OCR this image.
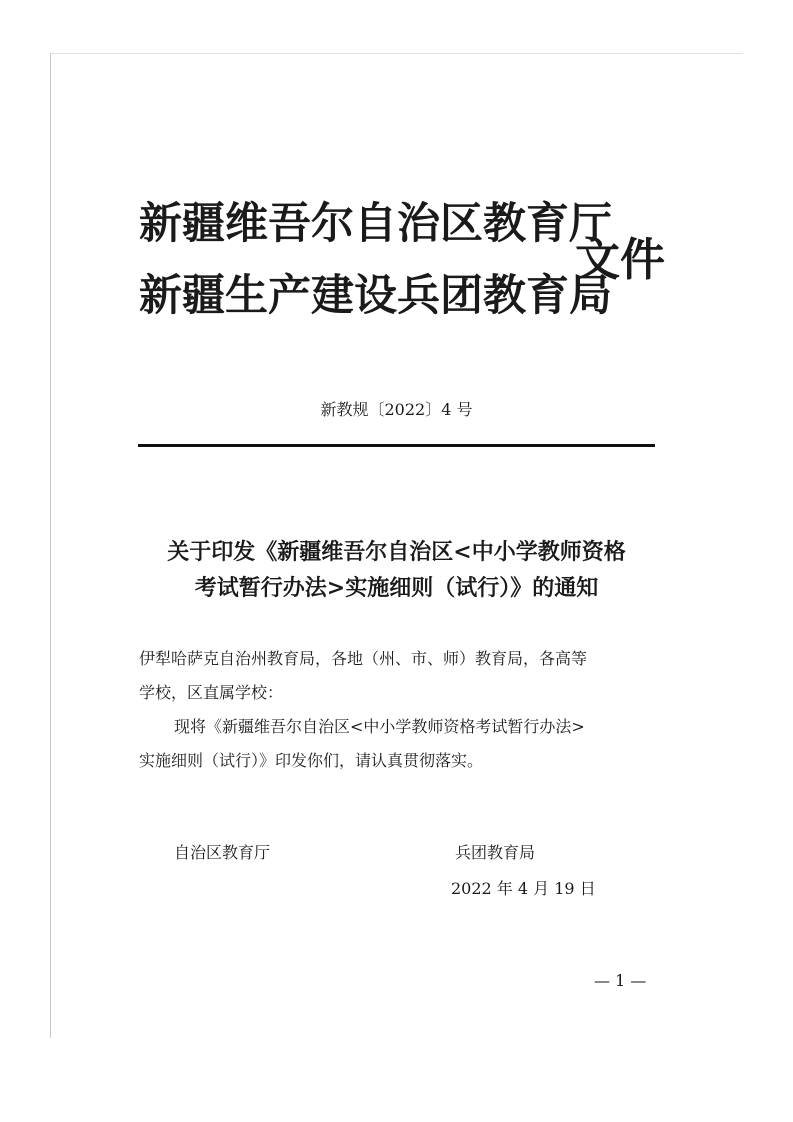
新疆维吾尔自治区教育厅
新疆生产建设兵团教育局
文件
新教规〔2022〕4 号
关于印发《新疆维吾尔自治区<中小学教师资格
考试暂行办法>实施细则（试行）》的通知

伊犁哈萨克自治州教育局，各地（州、市、师）教育局，各高等

学校，区直属学校：

现将《新疆维吾尔自治区<中小学教师资格考试暂行办法>

实施细则（试行）》印发你们，请认真贯彻落实。

自治区教育厅	兵团教育局
2022 年 4 月 19 日
— 1 —
